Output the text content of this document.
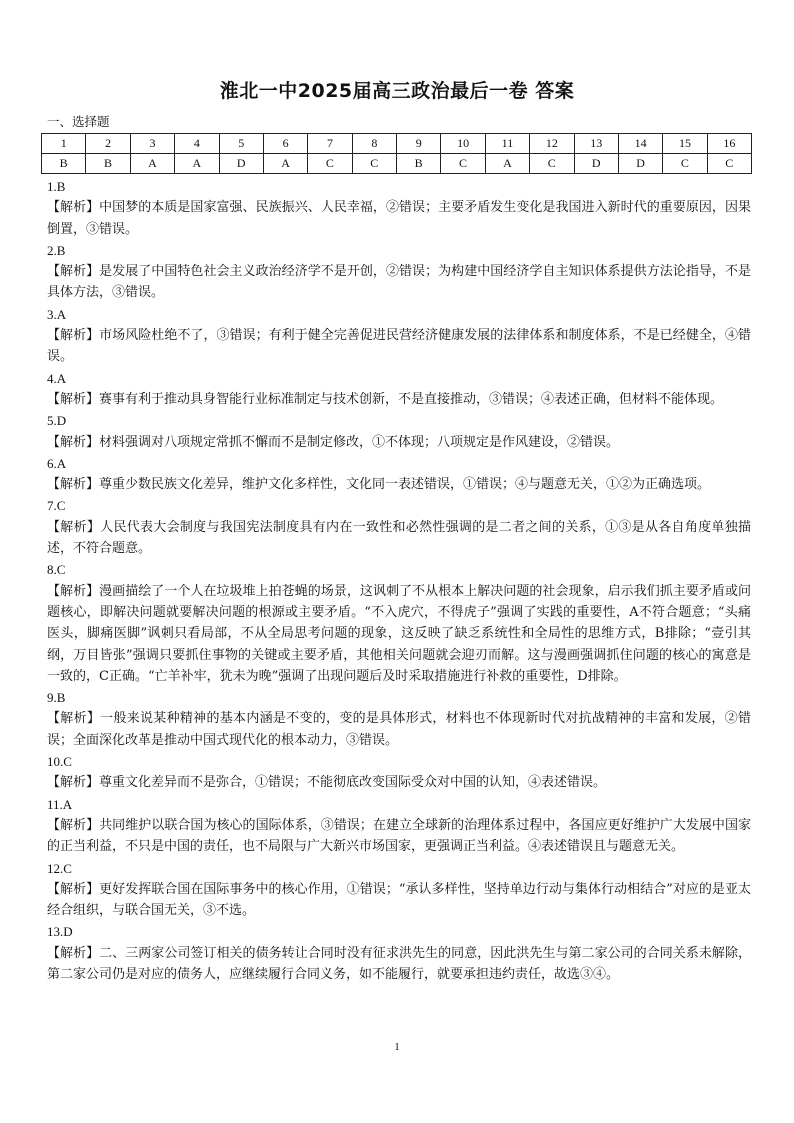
淮北一中2025届高三政治最后一卷 答案
一、选择题
1	2	3	4	5	6	7	8	9	10	11	12	13	14	15	16
B	B	A	A	D	A	C	C	B	C	A	C	D	D	C	C
1.B
【解析】中国梦的本质是国家富强、民族振兴、人民幸福，②错误；主要矛盾发生变化是我国进入新时代的重要原因，因果倒置，③错误。
2.B
【解析】是发展了中国特色社会主义政治经济学不是开创，②错误；为构建中国经济学自主知识体系提供方法论指导，不是具体方法，③错误。
3.A
【解析】市场风险杜绝不了，③错误；有利于健全完善促进民营经济健康发展的法律体系和制度体系，不是已经健全，④错误。
4.A
【解析】赛事有利于推动具身智能行业标准制定与技术创新，不是直接推动，③错误；④表述正确，但材料不能体现。
5.D
【解析】材料强调对八项规定常抓不懈而不是制定修改，①不体现；八项规定是作风建设，②错误。
6.A
【解析】尊重少数民族文化差异，维护文化多样性，文化同一表述错误，①错误；④与题意无关，①②为正确选项。
7.C
【解析】人民代表大会制度与我国宪法制度具有内在一致性和必然性强调的是二者之间的关系，①③是从各自角度单独描述，不符合题意。
8.C
【解析】漫画描绘了一个人在垃圾堆上拍苍蝇的场景，这讽刺了不从根本上解决问题的社会现象，启示我们抓主要矛盾或问题核心，即解决问题就要解决问题的根源或主要矛盾。“不入虎穴，不得虎子”强调了实践的重要性，A不符合题意；“头痛医头，脚痛医脚”讽刺只看局部，不从全局思考问题的现象，这反映了缺乏系统性和全局性的思维方式，B排除；“壹引其纲，万目皆张”强调只要抓住事物的关键或主要矛盾，其他相关问题就会迎刃而解。这与漫画强调抓住问题的核心的寓意是一致的，C正确。“亡羊补牢，犹未为晚”强调了出现问题后及时采取措施进行补救的重要性，D排除。
9.B
【解析】一般来说某种精神的基本内涵是不变的，变的是具体形式，材料也不体现新时代对抗战精神的丰富和发展，②错误；全面深化改革是推动中国式现代化的根本动力，③错误。
10.C
【解析】尊重文化差异而不是弥合，①错误；不能彻底改变国际受众对中国的认知，④表述错误。
11.A
【解析】共同维护以联合国为核心的国际体系，③错误；在建立全球新的治理体系过程中，各国应更好维护广大发展中国家的正当利益，不只是中国的责任，也不局限与广大新兴市场国家，更强调正当利益。④表述错误且与题意无关。
12.C
【解析】更好发挥联合国在国际事务中的核心作用，①错误；“承认多样性，坚持单边行动与集体行动相结合”对应的是亚太经合组织，与联合国无关，③不选。
13.D
【解析】二、三两家公司签订相关的债务转让合同时没有征求洪先生的同意，因此洪先生与第二家公司的合同关系未解除，第二家公司仍是对应的债务人，应继续履行合同义务，如不能履行，就要承担违约责任，故选③④。
1
